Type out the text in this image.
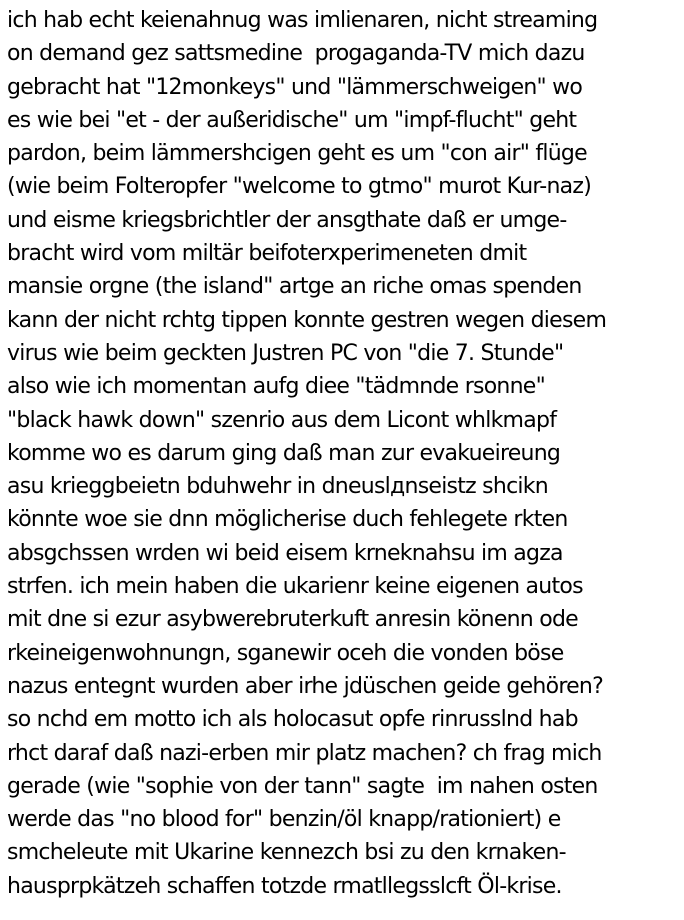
ich hab echt keienahnug was imlienaren, nicht streaming
on demand gez sattsmedine  progaganda-TV mich dazu
gebracht hat "12monkeys" und "lämmerschweigen" wo
es wie bei "et - der außeridische" um "impf-flucht" geht
pardon, beim lämmershcigen geht es um "con air" flüge
(wie beim Folteropfer "welcome to gtmo" murot Kur-naz)
und eisme kriegsbrichtler der ansgthate daß er umge-
bracht wird vom miltär beifoterxperimeneten dmit
mansie orgne (the island" artge an riche omas spenden
kann der nicht rchtg tippen konnte gestren wegen diesem
virus wie beim geckten Justren PC von "die 7. Stunde"
also wie ich momentan aufg diee "tädmnde rsonne"
"black hawk down" szenrio aus dem Licont whlkmapf
komme wo es darum ging daß man zur evakueireung
asu krieggbeietn bduhwehr in dneuslдnseistz shcikn
könnte woe sie dnn möglicherise duch fehlegete rkten
absgchssen wrden wi beid eisem krneknahsu im agza
strfen. ich mein haben die ukarienr keine eigenen autos
mit dne si ezur asybwerebruterkuft anresin könenn ode
rkeineigenwohnungn, sganewir oceh die vonden böse
nazus entegnt wurden aber irhe jdüschen geide gehören?
so nchd em motto ich als holocasut opfe rinrusslnd hab
rhct daraf daß nazi-erben mir platz machen? ch frag mich
gerade (wie "sophie von der tann" sagte  im nahen osten
werde das "no blood for" benzin/öl knapp/rationiert) e
smcheleute mit Ukarine kennezch bsi zu den krnaken-
hausprpkätzeh schaffen totzde rmatllegsslcft Öl-krise.
